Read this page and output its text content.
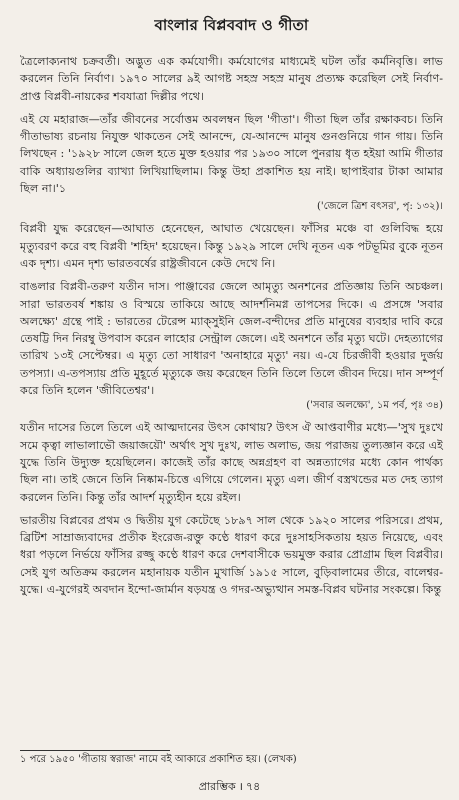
বাংলার বিপ্লববাদ ও গীতা

ত্রৈলোক্যনাথ চক্রবর্তী। অদ্ভুত এক কর্মযোগী। কর্মযোগের মাধ্যমেই ঘটল তাঁর কর্মনিবৃত্তি। লাভ করলেন তিনি নির্বাণ। ১৯৭০ সালের ৯ই আগষ্ট সহস্র সহস্র মানুষ প্রত্যক্ষ করেছিল সেই নির্বাণ-প্রাপ্ত বিপ্লবী-নায়কের শবযাত্রা দিল্লীর পথে।

এই যে মহারাজ—তাঁর জীবনের সর্বোত্তম অবলম্বন ছিল 'গীতা'। গীতা ছিল তাঁর রক্ষাকবচ। তিনি গীতাভাষ্য রচনায় নিযুক্ত থাকতেন সেই আনন্দে, যে-আনন্দে মানুষ গুনগুনিয়ে গান গায়। তিনি লিখছেন : '১৯২৮ সালে জেল হতে মুক্ত হওয়ার পর ১৯৩০ সালে পুনরায় ধৃত হইয়া আমি গীতার বাকি অধ্যায়গুলির ব্যাখ্যা লিখিয়াছিলাম। কিন্তু উহা প্রকাশিত হয় নাই। ছাপাইবার টাকা আমার ছিল না।'১

('জেলে ত্রিশ বৎসর', পৃ: ১৩২)।

বিপ্লবী যুদ্ধ করেছেন—আঘাত হেনেছেন, আঘাত খেয়েছেন। ফাঁসির মঞ্চে বা গুলিবিদ্ধ হয়ে মৃত্যুবরণ করে বহু বিপ্লবী 'শহিদ' হয়েছেন। কিন্তু ১৯২৯ সালে দেখি নূতন এক পটভূমির বুকে নূতন এক দৃশ্য। এমন দৃশ্য ভারতবর্ষের রাষ্ট্রজীবনে কেউ দেখে নি।

বাঙলার বিপ্লবী-তরুণ যতীন দাস। পাঞ্জাবের জেলে আমৃত্যু অনশনের প্রতিজ্ঞায় তিনি অচঞ্চল। সারা ভারতবর্ষ শঙ্কায় ও বিস্ময়ে তাকিয়ে আছে আদর্শনিমগ্ন তাপসের দিকে। এ প্রসঙ্গে 'সবার অলক্ষ্যে' গ্রন্থে পাই : ভারতের টেরেন্স ম্যাক্‌সুইনি জেল-বন্দীদের প্রতি মানুষের ব্যবহার দাবি করে তেষট্টি দিন নিরম্বু উপবাস করেন লাহোর সেন্ট্রাল জেলে। এই অনশনে তাঁর মৃত্যু ঘটে। দেহত্যাগের তারিখ ১৩ই সেপ্টেম্বর। এ মৃত্যু তো সাধারণ 'অনাহারে মৃত্যু' নয়। এ-যে চিরজীবী হওয়ার দুর্জয় তপস্যা। এ-তপস্যায় প্রতি মুহূর্তে মৃত্যুকে জয় করেছেন তিনি তিলে তিলে জীবন দিয়ে। দান সম্পূর্ণ করে তিনি হলেন 'জীবিতেশ্বর'।

('সবার অলক্ষ্যে', ১ম পর্ব, পৃঃ ৩৪)

যতীন দাসের তিলে তিলে এই আত্মদানের উৎস কোথায়? উৎস ঐ আপ্তবাণীর মধ্যে—'সুখ দুঃখে সমে কৃত্বা লাভালাভৌ জয়াজয়ৌ' অর্থাৎ সুখ দুঃখ, লাভ অলাভ, জয় পরাজয় তুল্যজ্ঞান করে এই যুদ্ধে তিনি উদ্যুক্ত হয়েছিলেন। কাজেই তাঁর কাছে অন্নগ্রহণ বা অন্নত্যাগের মধ্যে কোন পার্থক্য ছিল না। তাই জেনে তিনি নিষ্কাম-চিত্তে এগিয়ে গেলেন। মৃত্যু এল। জীর্ণ বস্ত্রখন্ডের মত দেহ ত্যাগ করলেন তিনি। কিন্তু তাঁর আদর্শ মৃত্যুহীন হয়ে রইল।

ভারতীয় বিপ্লবের প্রথম ও দ্বিতীয় যুগ কেটেছে ১৮৯৭ সাল থেকে ১৯২০ সালের পরিসরে। প্রথম, ব্রিটিশ সাম্রাজ্যবাদের প্রতীক ইংরেজ-রক্তু কণ্ঠে ধারণ করে দুঃসাহসিকতায় হয়ত নিয়েছে, এবং ধরা পড়লে নির্ভয়ে ফাঁসির রজ্জু কণ্ঠে ধারণ করে দেশবাসীকে ভয়মুক্ত করার প্রোগ্রাম ছিল বিপ্লবীর। সেই যুগ অতিক্রম করলেন মহানায়ক যতীন মুখার্জি ১৯১৫ সালে, বুড়িবালামের তীরে, বালেশ্বর-যুদ্ধে। এ-যুগেরই অবদান ইন্দো-জার্মান ষড়যন্ত্র ও গদর-অভ্যুত্থান সমস্ত-বিপ্লব ঘটনার সংকল্পে। কিন্তু

১ পরে ১৯৫০ 'গীতায় স্বরাজ' নামে বই আকারে প্রকাশিত হয়। (লেখক)
প্রারম্ভিক । ৭৪
